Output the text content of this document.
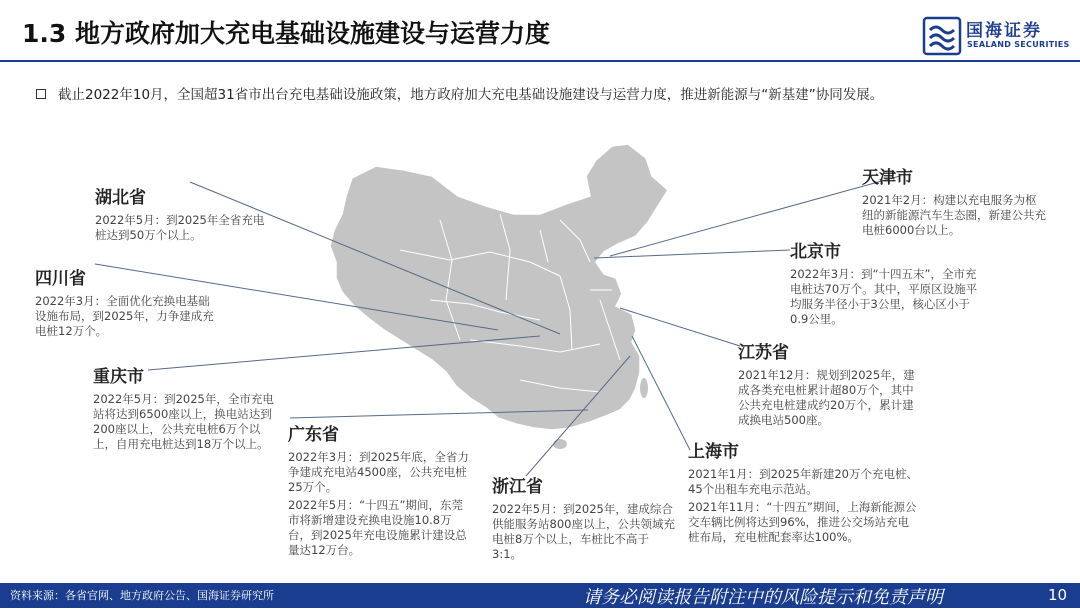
1.3 地方政府加大充电基础设施建设与运营力度	国海证券
SEALAND SECURITIES
截止2022年10月，全国超31省市出台充电基础设施政策，地方政府加大充电基础设施建设与运营力度，推进新能源与“新基建”协同发展。
湖北省
2022年5月：到2025年全省充电桩达到50万个以上。
四川省
2022年3月：全面优化充换电基础设施布局，到2025年，力争建成充电桩12万个。
重庆市
2022年5月：到2025年，全市充电站将达到6500座以上，换电站达到200座以上，公共充电桩6万个以上，自用充电桩达到18万个以上。	广东省
2022年3月：到2025年底，全省力争建成充电站4500座，公共充电桩25万个。
2022年5月：“十四五”期间，东莞市将新增建设充换电设施10.8万台，到2025年充电设施累计建设总量达12万台。
浙江省
2022年5月：到2025年，建成综合供能服务站800座以上，公共领域充电桩8万个以上，车桩比不高于3:1。
天津市
2021年2月：构建以充电服务为枢纽的新能源汽车生态圈，新建公共充电桩6000台以上。
北京市
2022年3月：到“十四五末”，全市充电桩达70万个。其中，平原区设施平均服务半径小于3公里，核心区小于0.9公里。
江苏省
2021年12月：规划到2025年，建成各类充电桩累计超80万个，其中公共充电桩建成约20万个，累计建成换电站500座。
上海市
2021年1月：到2025年新建20万个充电桩、45个出租车充电示范站。
2021年11月：“十四五”期间，上海新能源公交车辆比例将达到96%，推进公交场站充电桩布局，充电桩配套率达100%。
资料来源：各省官网、地方政府公告、国海证券研究所	请务必阅读报告附注中的风险提示和免责声明	10
